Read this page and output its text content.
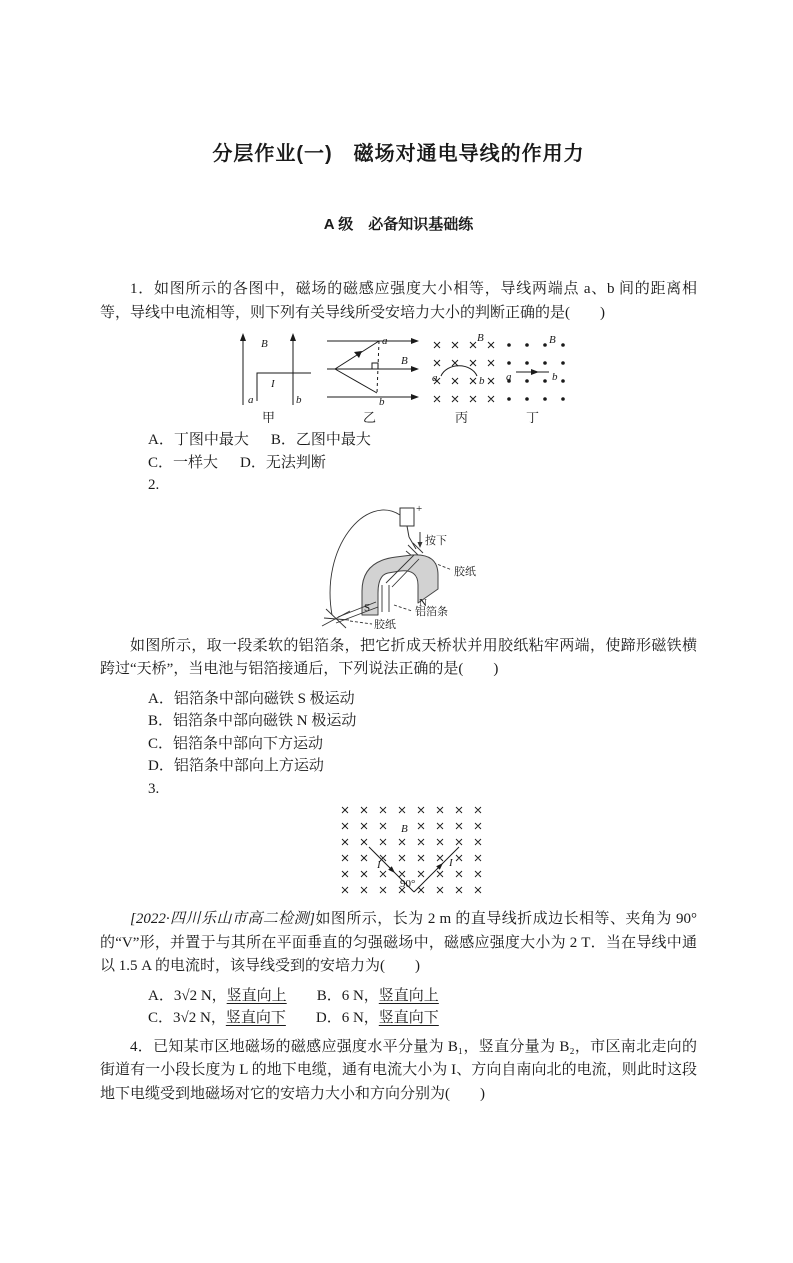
分层作业(一)　磁场对通电导线的作用力
A 级　必备知识基础练
1．如图所示的各图中，磁场的磁感应强度大小相等，导线两端点 a、b 间的距离相等，导线中电流相等，则下列有关导线所受安培力大小的判断正确的是(　　)
B
I
a	b
甲
B
a
b
乙
B
a	b
丙
B
a	b
丁
A．丁图中最大 B．乙图中最大
C．一样大 D．无法判断
2.
+
按下
胶纸
S	N
铝箔条
胶纸
如图所示，取一段柔软的铝箔条，把它折成天桥状并用胶纸粘牢两端，使蹄形磁铁横跨过“天桥”，当电池与铝箔接通后，下列说法正确的是(　　)
A．铝箔条中部向磁铁 S 极运动
B．铝箔条中部向磁铁 N 极运动
C．铝箔条中部向下方运动
D．铝箔条中部向上方运动
3.
B
I	I
90°
[2022·四川乐山市高二检测]如图所示，长为 2 m 的直导线折成边长相等、夹角为 90°的“V”形，并置于与其所在平面垂直的匀强磁场中，磁感应强度大小为 2 T．当在导线中通以 1.5 A 的电流时，该导线受到的安培力为(　　)
A．3√2 N，竖直向上 B．6 N，竖直向上
C．3√2 N，竖直向下 D．6 N，竖直向下
4．已知某市区地磁场的磁感应强度水平分量为 B₁，竖直分量为 B₂，市区南北走向的街道有一小段长度为 L 的地下电缆，通有电流大小为 I、方向自南向北的电流，则此时这段地下电缆受到地磁场对它的安培力大小和方向分别为(　　)
